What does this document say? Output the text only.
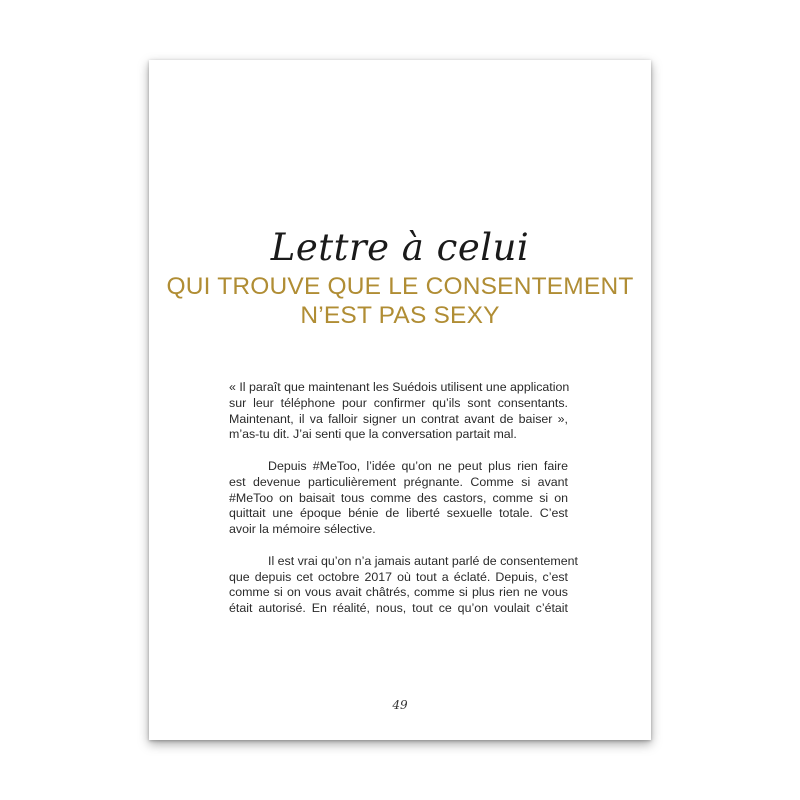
Lettre à celui
QUI TROUVE QUE LE CONSENTEMENT
N’EST PAS SEXY
« Il paraît que maintenant les Suédois utilisent une application
sur leur téléphone pour confirmer qu’ils sont consentants.
Maintenant, il va falloir signer un contrat avant de baiser »,
m’as-tu dit. J’ai senti que la conversation partait mal.
Depuis #MeToo, l’idée qu’on ne peut plus rien faire
est devenue particulièrement prégnante. Comme si avant
#MeToo on baisait tous comme des castors, comme si on
quittait une époque bénie de liberté sexuelle totale. C’est
avoir la mémoire sélective.
Il est vrai qu’on n’a jamais autant parlé de consentement
que depuis cet octobre 2017 où tout a éclaté. Depuis, c’est
comme si on vous avait châtrés, comme si plus rien ne vous
était autorisé. En réalité, nous, tout ce qu’on voulait c’était
49
